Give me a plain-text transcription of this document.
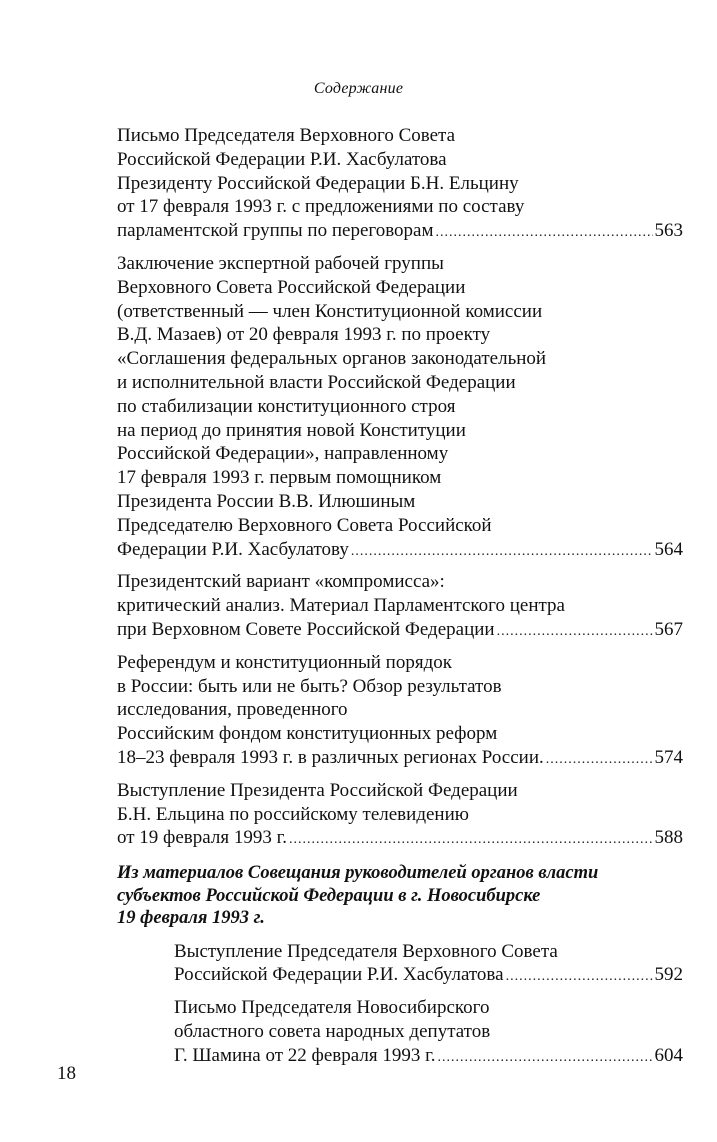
Содержание
Письмо Председателя Верховного Совета
Российской Федерации Р.И. Хасбулатова
Президенту Российской Федерации Б.Н. Ельцину
от 17 февраля 1993 г. с предложениями по составу
парламентской группы по переговорам .....	563
Заключение экспертной рабочей группы
Верховного Совета Российской Федерации
(ответственный — член Конституционной комиссии
В.Д. Мазаев) от 20 февраля 1993 г. по проекту
«Соглашения федеральных органов законодательной
и исполнительной власти Российской Федерации
по стабилизации конституционного строя
на период до принятия новой Конституции
Российской Федерации», направленному
17 февраля 1993 г. первым помощником
Президента России В.В. Илюшиным
Председателю Верховного Совета Российской
Федерации Р.И. Хасбулатову .....	564
Президентский вариант «компромисса»:
критический анализ. Материал Парламентского центра
при Верховном Совете Российской Федерации .....	567
Референдум и конституционный порядок
в России: быть или не быть? Обзор результатов
исследования, проведенного
Российским фондом конституционных реформ
18–23 февраля 1993 г. в различных регионах России. .....	574
Выступление Президента Российской Федерации
Б.Н. Ельцина по российскому телевидению
от 19 февраля 1993 г. .....	588
Из материалов Совещания руководителей органов власти
субъектов Российской Федерации в г. Новосибирске
19 февраля 1993 г.
Выступление Председателя Верховного Совета
Российской Федерации Р.И. Хасбулатова .....	592
Письмо Председателя Новосибирского
областного совета народных депутатов
Г. Шамина от 22 февраля 1993 г. .....	604
18
